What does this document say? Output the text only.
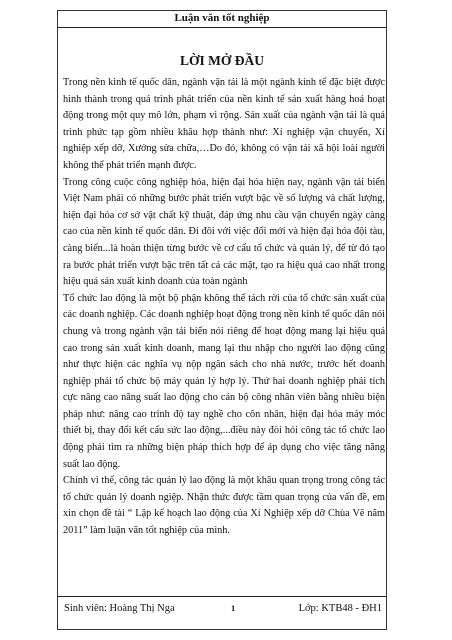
Luận văn tốt nghiệp
LỜI MỞ ĐẦU

Trong nền kinh tế quốc dân, ngành vận tải là một ngành kinh tế đặc biệt được hình thành trong quá trình phát triển của nền kinh tế sản xuất hàng hoá hoạt động trong một quy mô lớn, phạm vi rộng. Sản xuất của ngành vận tải là quá trình phức tạp gồm nhiều khâu hợp thành như: Xí nghiệp vận chuyển, Xí nghiệp xếp dỡ, Xưởng sửa chữa,…Do đó, không có vận tải xã hội loài người không thể phát triển mạnh được.

Trong công cuộc công nghiệp hóa, hiện đại hóa hiện nay, ngành vận tải biển Việt Nam phải có những bước phát triển vượt bậc về số lượng và chất lượng, hiện đại hóa cơ sở vật chất kỹ thuật, đáp ứng nhu cầu vận chuyển ngày càng cao của nền kinh tế quốc dân. Đi đôi với việc đổi mới và hiện đại hóa đội tàu, càng biển...là hoàn thiện từng bước về cơ cấu tổ chức và quản lý, để từ đó tạo ra bước phát triển vượt bậc trên tất cả các mặt, tạo ra hiệu quả cao nhất trong hiệu quả sản xuất kinh doanh của toàn ngành

Tổ chức lao động là một bộ phận không thể tách rời của tổ chức sản xuất của các doanh nghiệp. Các doanh nghiệp hoạt động trong nền kinh tế quốc dân nói chung và trong ngành vận tải biển nói riêng để hoạt động mang lại hiệu quả cao trong sản xuất kinh doanh, mang lại thu nhập cho người lao động cũng như thực hiện các nghĩa vụ nộp ngân sách cho nhà nước, trước hết doanh nghiệp phải tổ chức bộ máy quản lý hợp lý. Thứ hai doanh nghiệp phải tích cực nâng cao năng suất lao động cho cán bộ công nhân viên bằng nhiều biện pháp như: nâng cao trình độ tay nghề cho côn nhân, hiện đại hóa máy móc thiết bị, thay đổi kết cấu sức lao động,...điều này đòi hỏi công tác tổ chức lao động phải tìm ra những biện pháp thích hợp để áp dụng cho việc tăng năng suất lao động.

Chính vì thế, công tác quản lý lao động là một khâu quan trọng trong công tác tổ chức quản lý doanh ngiệp. Nhận thức được tầm quan trọng của vấn đề, em xin chọn đề tài “ Lập kế hoạch lao động của Xí Nghiệp xếp dỡ Chùa Vẽ năm 2011” làm luận văn tốt nghiệp của mình.

Sinh viên: Hoàng Thị Nga	1	Lớp: KTB48 - ĐH1
